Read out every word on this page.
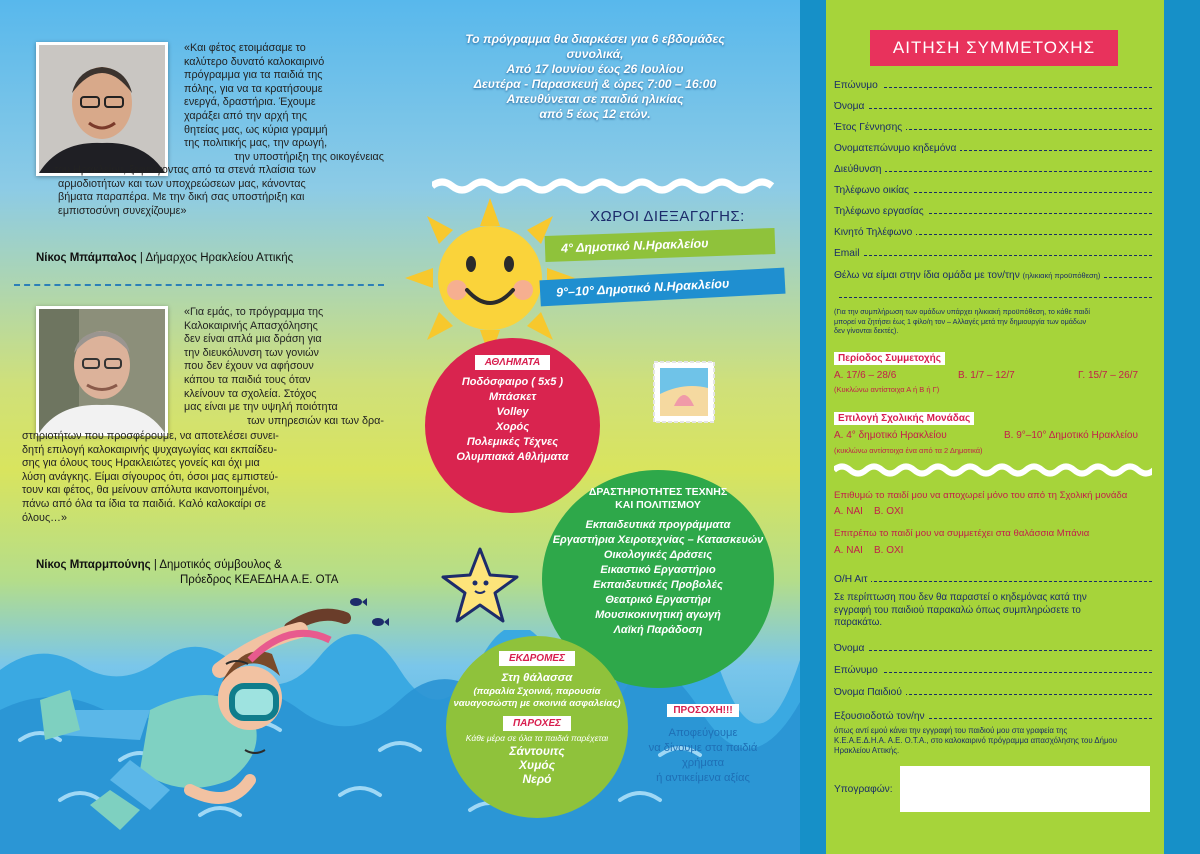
«Και φέτος ετοιμάσαμε το
καλύτερο δυνατό καλοκαιρινό
πρόγραμμα για τα παιδιά της
πόλης, για να τα κρατήσουμε
ενεργά, δραστήρια. Έχουμε
χαράξει από την αρχή της
θητείας μας, ως κύρια γραμμή
της πολιτικής μας, την αρωγή,
την υποστήριξη της οικογένειας
του Ηρακλείου, ξεφεύγοντας από τα στενά πλαίσια των
αρμοδιοτήτων και των υποχρεώσεων μας, κάνοντας
βήματα παραπέρα. Με την δική σας υποστήριξη και
εμπιστοσύνη συνεχίζουμε»
Νίκος Μπάμπαλος | Δήμαρχος Ηρακλείου Αττικής
«Για εμάς, το πρόγραμμα της
Καλοκαιρινής Απασχόλησης
δεν είναι απλά μια δράση για
την διευκόλυνση των γονιών
που δεν έχουν να αφήσουν
κάπου τα παιδιά τους όταν
κλείνουν τα σχολεία. Στόχος
μας είναι με την υψηλή ποιότητα
των υπηρεσιών και των δρα-
στηριοτήτων που προσφέρουμε, να αποτελέσει συνει-
δητή επιλογή καλοκαιρινής ψυχαγωγίας και εκπαίδευ-
σης για όλους τους Ηρακλειώτες γονείς και όχι μια
λύση ανάγκης. Είμαι σίγουρος ότι, όσοι μας εμπιστεύ-
τουν και φέτος, θα μείνουν απόλυτα ικανοποιημένοι,
πάνω από όλα τα ίδια τα παιδιά. Καλό καλοκαίρι σε
όλους…»
Νίκος Μπαρμπούνης | Δημοτικός σύμβουλος &
Πρόεδρος ΚΕΑΕΔΗΑ Α.Ε. ΟΤΑ
Το πρόγραμμα θα διαρκέσει για 6 εβδομάδες
συνολικά,
Από 17 Ιουνίου έως 26 Ιουλίου
Δευτέρα - Παρασκευή & ώρες 7:00 – 16:00
Απευθύνεται σε παιδιά ηλικίας
από 5 έως 12 ετών.
ΧΩΡΟΙ ΔΙΕΞΑΓΩΓΗΣ:
4° Δημοτικό Ν.Ηρακλείου
9°–10° Δημοτικό Ν.Ηρακλείου
ΑΘΛΗΜΑΤΑ
Ποδόσφαιρο ( 5x5 )
Μπάσκετ
Volley
Χορός
Πολεμικές Τέχνες
Ολυμπιακά Αθλήματα
ΔΡΑΣΤΗΡΙΟΤΗΤΕΣ ΤΕΧΝΗΣ
ΚΑΙ ΠΟΛΙΤΙΣΜΟΥ
Εκπαιδευτικά προγράμματα
Εργαστήρια Χειροτεχνίας – Κατασκευών
Οικολογικές Δράσεις
Εικαστικό Εργαστήριο
Εκπαιδευτικές Προβολές
Θεατρικό Εργαστήρι
Μουσικοκινητική αγωγή
Λαϊκή Παράδοση
ΕΚΔΡΟΜΕΣ
Στη θάλασσα
(παραλία Σχοινιά, παρουσία
ναυαγοσώστη με σκοινιά ασφαλείας)
ΠΑΡΟΧΕΣ
Κάθε μέρα σε όλα τα παιδιά παρέχεται
Σάντουιτς
Χυμός
Νερό
ΠΡΟΣΟΧΗ!!!
Αποφεύγουμε
να δίνουμε στα παιδιά
χρήματα
ή αντικείμενα αξίας
ΑΙΤΗΣΗ ΣΥΜΜΕΤΟΧΗΣ
Επώνυμο
Όνομα
Έτος Γέννησης
Ονοματεπώνυμο κηδεμόνα
Διεύθυνση
Τηλέφωνο οικίας
Τηλέφωνο εργασίας
Κινητό Τηλέφωνο
Email
Θέλω να είμαι στην ίδια ομάδα με τον/την (ηλικιακή προϋπόθεση)
(Για την συμπλήρωση των ομάδων υπάρχει ηλικιακή προϋπόθεση, το κάθε παιδί
μπορεί να ζητήσει έως 1 φίλο/η τον – Αλλαγές μετά την δημιουργία των ομάδων
δεν γίνονται δεκτές).
Περίοδος Συμμετοχής
Α. 17/6 – 28/6	Β. 1/7 – 12/7	Γ. 15/7 – 26/7
(Κυκλώνω αντίστοιχα Α ή Β ή Γ)
Επιλογή Σχολικής Μονάδας
Α. 4° δημοτικό Ηρακλείου	Β. 9°–10° Δημοτικό Ηρακλείου
(κυκλώνω αντίστοιχα ένα από τα 2 Δημοτικά)
Επιθυμώ το παιδί μου να αποχωρεί μόνο του από τη Σχολική μονάδα
Α. ΝΑΙ Β. ΟΧΙ
Επιτρέπω το παιδί μου να συμμετέχει στα θαλάσσια Μπάνια
Α. ΝΑΙ Β. ΟΧΙ
Ο/Η Αιτ
Σε περίπτωση που δεν θα παραστεί ο κηδεμόνας κατά την
εγγραφή του παιδιού παρακαλώ όπως συμπληρώσετε το
παρακάτω.
Όνομα
Επώνυμο
Όνομα Παιδιού
Εξουσιοδοτώ τον/ην
όπως αντί εμού κάνει την εγγραφή του παιδιού μου στα γραφεία της
Κ.Ε.Α.Ε.Δ.Η.Α. Α.Ε. Ο.Τ.Α., στο καλοκαιρινό πρόγραμμα απασχόλησης του Δήμου
Ηρακλείου Αττικής.
Υπογραφών:
